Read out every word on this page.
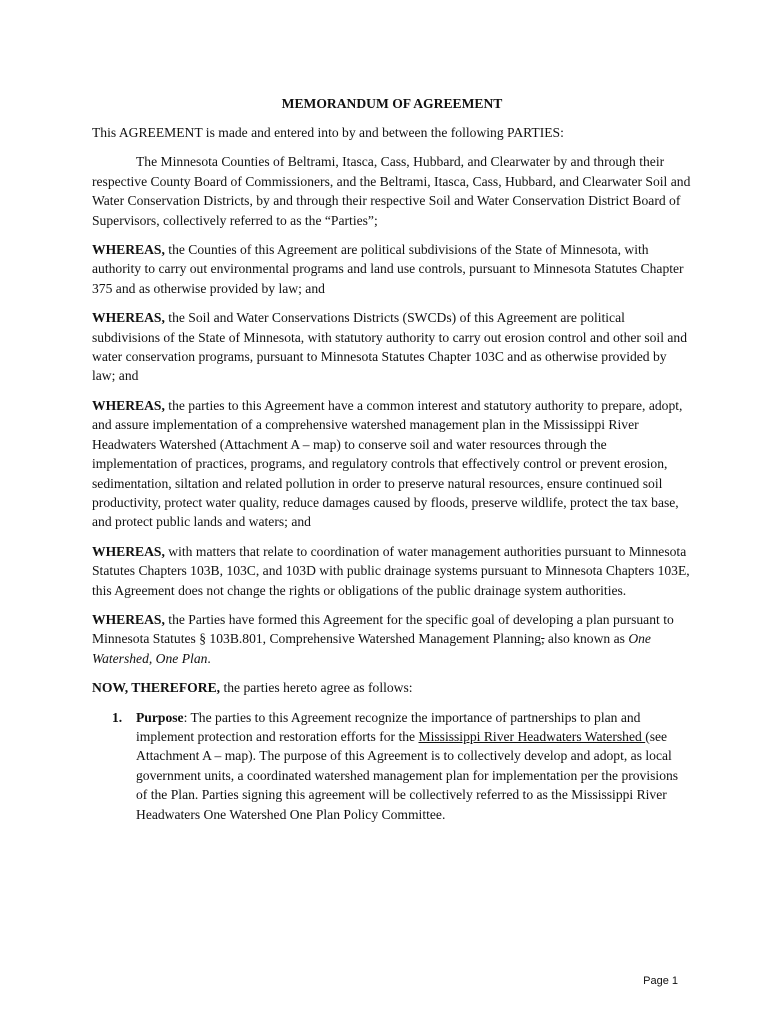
MEMORANDUM OF AGREEMENT

This AGREEMENT is made and entered into by and between the following PARTIES:

The Minnesota Counties of Beltrami, Itasca, Cass, Hubbard, and Clearwater by and through their respective County Board of Commissioners, and the Beltrami, Itasca, Cass, Hubbard, and Clearwater Soil and Water Conservation Districts, by and through their respective Soil and Water Conservation District Board of Supervisors, collectively referred to as the “Parties”;

WHEREAS, the Counties of this Agreement are political subdivisions of the State of Minnesota, with authority to carry out environmental programs and land use controls, pursuant to Minnesota Statutes Chapter 375 and as otherwise provided by law; and

WHEREAS, the Soil and Water Conservations Districts (SWCDs) of this Agreement are political subdivisions of the State of Minnesota, with statutory authority to carry out erosion control and other soil and water conservation programs, pursuant to Minnesota Statutes Chapter 103C and as otherwise provided by law; and

WHEREAS, the parties to this Agreement have a common interest and statutory authority to prepare, adopt, and assure implementation of a comprehensive watershed management plan in the Mississippi River Headwaters Watershed (Attachment A – map) to conserve soil and water resources through the implementation of practices, programs, and regulatory controls that effectively control or prevent erosion, sedimentation, siltation and related pollution in order to preserve natural resources, ensure continued soil productivity, protect water quality, reduce damages caused by floods, preserve wildlife, protect the tax base, and protect public lands and waters; and

WHEREAS, with matters that relate to coordination of water management authorities pursuant to Minnesota Statutes Chapters 103B, 103C, and 103D with public drainage systems pursuant to Minnesota Chapters 103E, this Agreement does not change the rights or obligations of the public drainage system authorities.

WHEREAS, the Parties have formed this Agreement for the specific goal of developing a plan pursuant to Minnesota Statutes § 103B.801, Comprehensive Watershed Management Planning, also known as One Watershed, One Plan.

NOW, THEREFORE, the parties hereto agree as follows:

1. Purpose: The parties to this Agreement recognize the importance of partnerships to plan and implement protection and restoration efforts for the Mississippi River Headwaters Watershed (see Attachment A – map). The purpose of this Agreement is to collectively develop and adopt, as local government units, a coordinated watershed management plan for implementation per the provisions of the Plan. Parties signing this agreement will be collectively referred to as the Mississippi River Headwaters One Watershed One Plan Policy Committee.
Page 1
